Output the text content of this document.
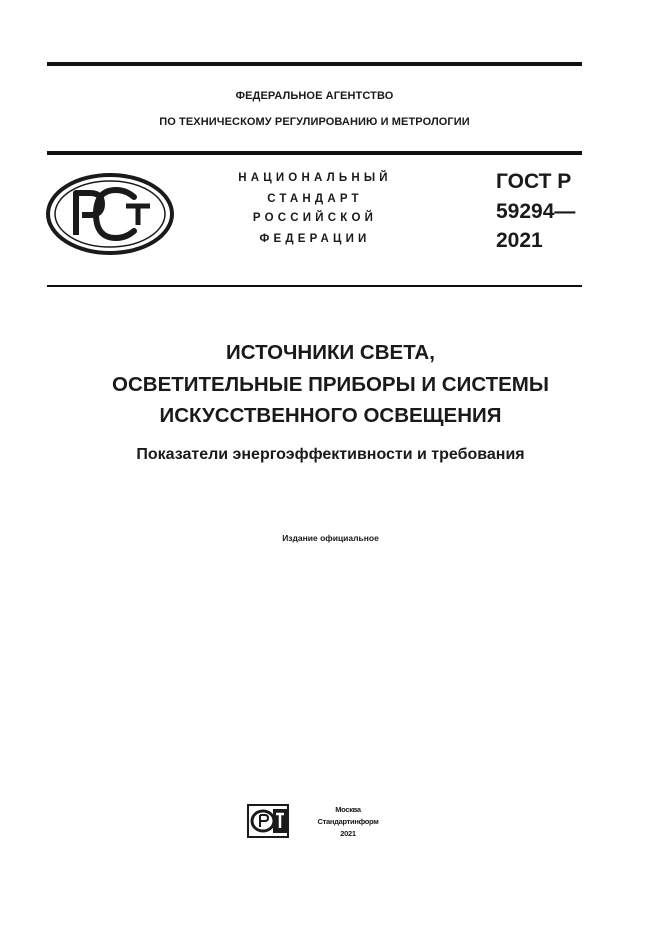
ФЕДЕРАЛЬНОЕ АГЕНТСТВО
ПО ТЕХНИЧЕСКОМУ РЕГУЛИРОВАНИЮ И МЕТРОЛОГИИ
НАЦИОНАЛЬНЫЙ
СТАНДАРТ
РОССИЙСКОЙ
ФЕДЕРАЦИИ
ГОСТ Р
59294—
2021
ИСТОЧНИКИ СВЕТА,
ОСВЕТИТЕЛЬНЫЕ ПРИБОРЫ И СИСТЕМЫ
ИСКУССТВЕННОГО ОСВЕЩЕНИЯ
Показатели энергоэффективности и требования
Издание официальное
Москва
Стандартинформ
2021
